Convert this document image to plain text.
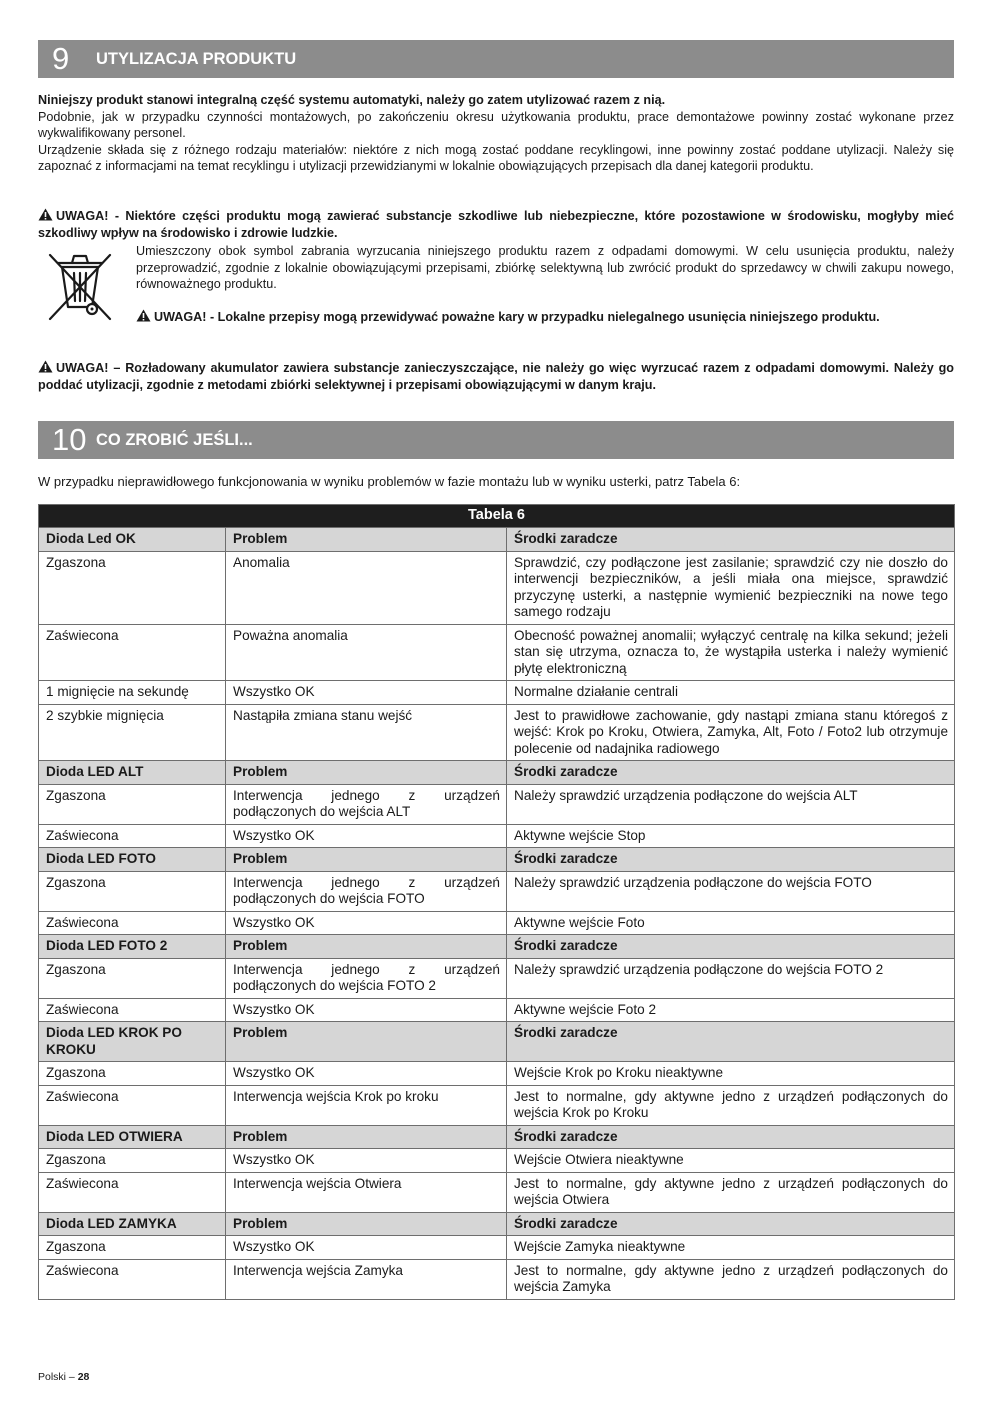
9 UTYLIZACJA PRODUKTU

Niniejszy produkt stanowi integralną część systemu automatyki, należy go zatem utylizować razem z nią.

Podobnie, jak w przypadku czynności montażowych, po zakończeniu okresu użytkowania produktu, prace demontażowe powinny zostać wykonane przez wykwalifikowany personel.

Urządzenie składa się z różnego rodzaju materiałów: niektóre z nich mogą zostać poddane recyklingowi, inne powinny zostać poddane utylizacji. Należy się zapoznać z informacjami na temat recyklingu i utylizacji przewidzianymi w lokalnie obowiązujących przepisach dla danej kategorii produktu.

UWAGA! - Niektóre części produktu mogą zawierać substancje szkodliwe lub niebezpieczne, które pozostawione w środowisku, mogłyby mieć szkodliwy wpływ na środowisko i zdrowie ludzkie.

Umieszczony obok symbol zabrania wyrzucania niniejszego produktu razem z odpadami domowymi. W celu usunięcia produktu, należy przeprowadzić, zgodnie z lokalnie obowiązującymi przepisami, zbiórkę selektywną lub zwrócić produkt do sprzedawcy w chwili zakupu nowego, równoważnego produktu.

UWAGA! - Lokalne przepisy mogą przewidywać poważne kary w przypadku nielegalnego usunięcia niniejszego produktu.
UWAGA! – Rozładowany akumulator zawiera substancje zanieczyszczające, nie należy go więc wyrzucać razem z odpadami domowymi. Należy go poddać utylizacji, zgodnie z metodami zbiórki selektywnej i przepisami obowiązującymi w danym kraju.
10 CO ZROBIĆ JEŚLI...

W przypadku nieprawidłowego funkcjonowania w wyniku problemów w fazie montażu lub w wyniku usterki, patrz Tabela 6:

Tabela 6		
Dioda Led OK	Problem	Środki zaradcze
Zgaszona	Anomalia	Sprawdzić, czy podłączone jest zasilanie; sprawdzić czy nie doszło do interwencji bezpieczników, a jeśli miała ona miejsce, sprawdzić przyczynę usterki, a następnie wymienić bezpieczniki na nowe tego samego rodzaju
Zaświecona	Poważna anomalia	Obecność poważnej anomalii; wyłączyć centralę na kilka sekund; jeżeli stan się utrzyma, oznacza to, że wystąpiła usterka i należy wymienić płytę elektroniczną
1 mignięcie na sekundę	Wszystko OK	Normalne działanie centrali
2 szybkie mignięcia	Nastąpiła zmiana stanu wejść	Jest to prawidłowe zachowanie, gdy nastąpi zmiana stanu któregoś z wejść: Krok po Kroku, Otwiera, Zamyka, Alt, Foto / Foto2 lub otrzymuje polecenie od nadajnika radiowego
Dioda LED ALT	Problem	Środki zaradcze
Zgaszona	Interwencja jednego z urządzeń podłączonych do wejścia ALT	Należy sprawdzić urządzenia podłączone do wejścia ALT
Zaświecona	Wszystko OK	Aktywne wejście Stop
Dioda LED FOTO	Problem	Środki zaradcze
Zgaszona	Interwencja jednego z urządzeń podłączonych do wejścia FOTO	Należy sprawdzić urządzenia podłączone do wejścia FOTO
Zaświecona	Wszystko OK	Aktywne wejście Foto
Dioda LED FOTO 2	Problem	Środki zaradcze
Zgaszona	Interwencja jednego z urządzeń podłączonych do wejścia FOTO 2	Należy sprawdzić urządzenia podłączone do wejścia FOTO 2
Zaświecona	Wszystko OK	Aktywne wejście Foto 2
Dioda LED KROK PO KROKU	Problem	Środki zaradcze
Zgaszona	Wszystko OK	Wejście Krok po Kroku nieaktywne
Zaświecona	Interwencja wejścia Krok po kroku	Jest to normalne, gdy aktywne jedno z urządzeń podłączonych do wejścia Krok po Kroku
Dioda LED OTWIERA	Problem	Środki zaradcze
Zgaszona	Wszystko OK	Wejście Otwiera nieaktywne
Zaświecona	Interwencja wejścia Otwiera	Jest to normalne, gdy aktywne jedno z urządzeń podłączonych do wejścia Otwiera
Dioda LED ZAMYKA	Problem	Środki zaradcze
Zgaszona	Wszystko OK	Wejście Zamyka nieaktywne
Zaświecona	Interwencja wejścia Zamyka	Jest to normalne, gdy aktywne jedno z urządzeń podłączonych do wejścia Zamyka
Polski – 28
